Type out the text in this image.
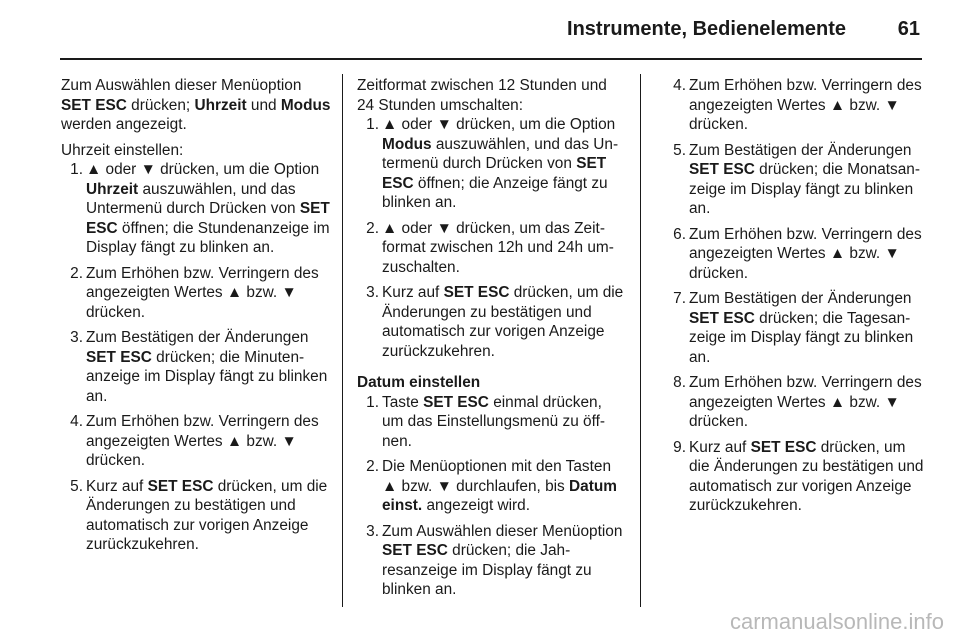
Instrumente, Bedienelemente	61

Zum Auswählen dieser Menüoption SET ESC drücken; Uhrzeit und Modus werden angezeigt.

Uhrzeit einstellen:

1. ▲ oder ▼ drücken, um die Option Uhrzeit auszuwählen, und das Untermenü durch Drücken von SET ESC öffnen; die Stundenanzeige im Display fängt zu blinken an.
2. Zum Erhöhen bzw. Verringern des angezeigten Wertes ▲ bzw. ▼ drücken.
3. Zum Bestätigen der Änderungen SET ESC drücken; die Minutenanzeige im Display fängt zu blinken an.
4. Zum Erhöhen bzw. Verringern des angezeigten Wertes ▲ bzw. ▼ drücken.
5. Kurz auf SET ESC drücken, um die Änderungen zu bestätigen und automatisch zur vorigen Anzeige zurückzukehren.

Zeitformat zwischen 12 Stunden und 24 Stunden umschalten:

1. ▲ oder ▼ drücken, um die Option Modus auszuwählen, und das Untermenü durch Drücken von SET ESC öffnen; die Anzeige fängt zu blinken an.
2. ▲ oder ▼ drücken, um das Zeitformat zwischen 12h und 24h umzuschalten.
3. Kurz auf SET ESC drücken, um die Änderungen zu bestätigen und automatisch zur vorigen Anzeige zurückzukehren.

Datum einstellen

1. Taste SET ESC einmal drücken, um das Einstellungsmenü zu öffnen.
2. Die Menüoptionen mit den Tasten ▲ bzw. ▼ durchlaufen, bis Datum einst. angezeigt wird.
3. Zum Auswählen dieser Menüoption SET ESC drücken; die Jahresanzeige im Display fängt zu blinken an.
4. Zum Erhöhen bzw. Verringern des angezeigten Wertes ▲ bzw. ▼ drücken.
5. Zum Bestätigen der Änderungen SET ESC drücken; die Monatsanzeige im Display fängt zu blinken an.
6. Zum Erhöhen bzw. Verringern des angezeigten Wertes ▲ bzw. ▼ drücken.
7. Zum Bestätigen der Änderungen SET ESC drücken; die Tagesanzeige im Display fängt zu blinken an.
8. Zum Erhöhen bzw. Verringern des angezeigten Wertes ▲ bzw. ▼ drücken.
9. Kurz auf SET ESC drücken, um die Änderungen zu bestätigen und automatisch zur vorigen Anzeige zurückzukehren.
carmanualsonline.info
